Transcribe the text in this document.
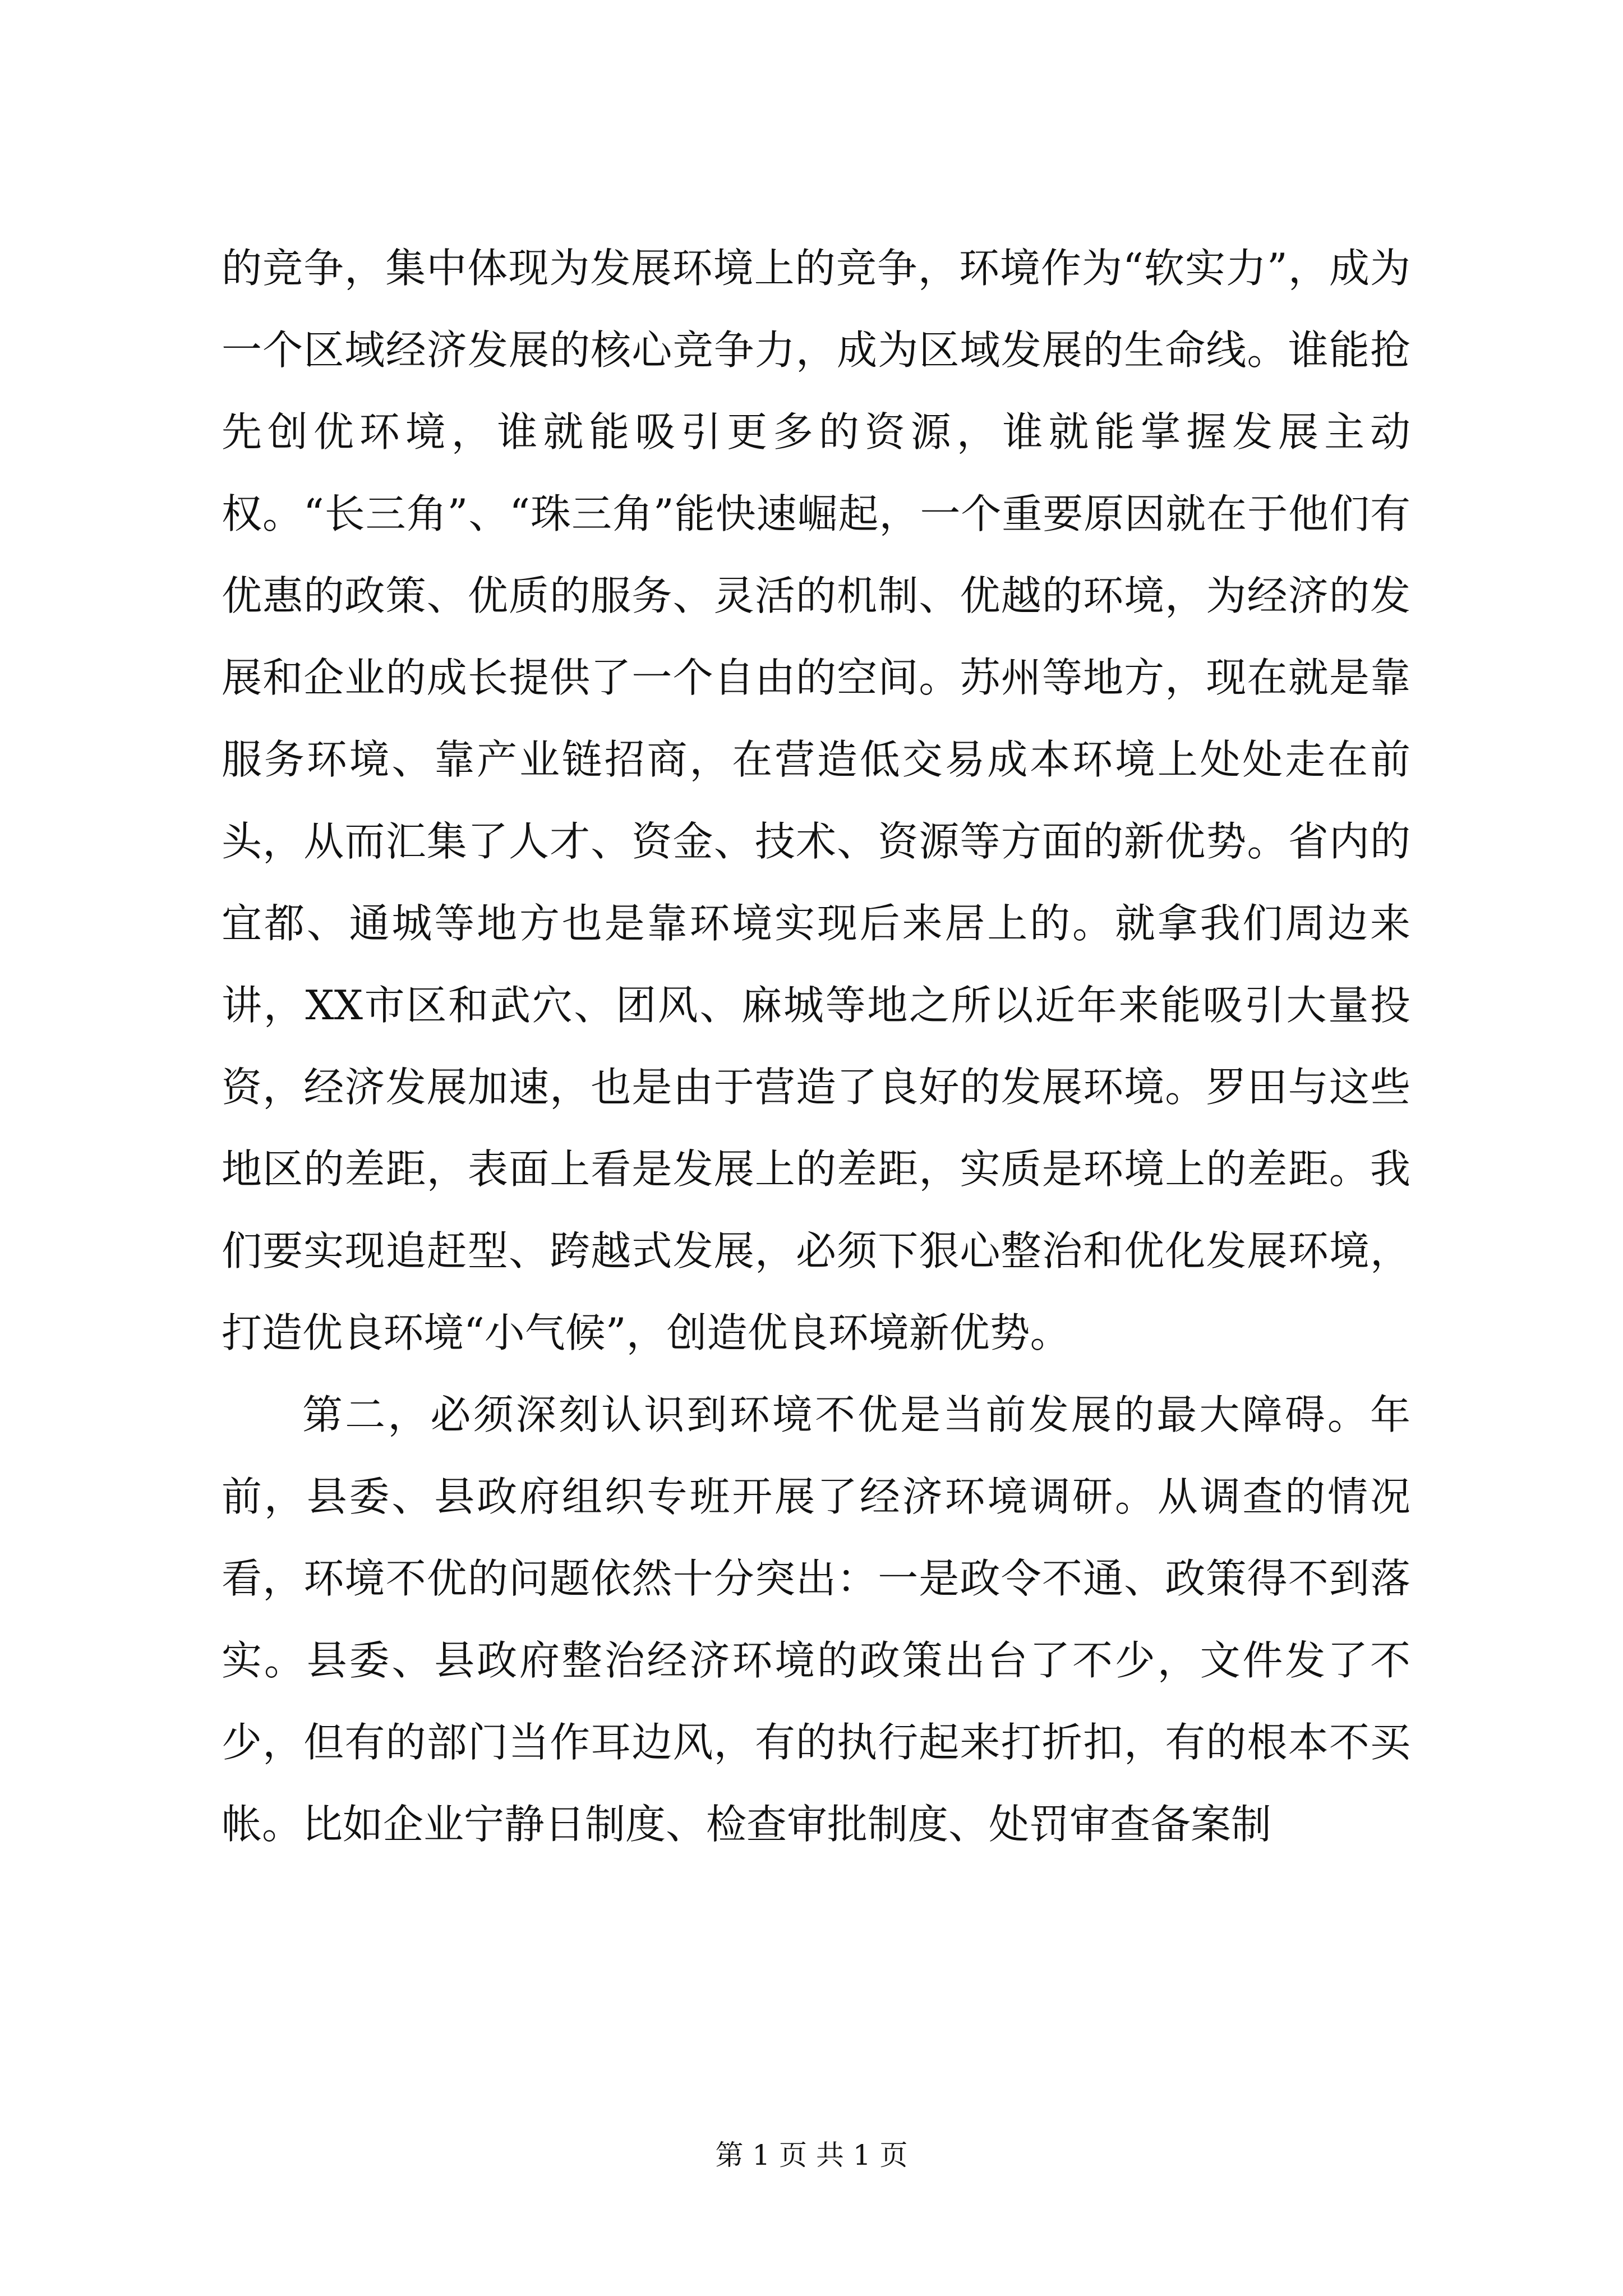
的竞争，集中体现为发展环境上的竞争，环境作为“软实力”，成为一个区域经济发展的核心竞争力，成为区域发展的生命线。谁能抢先创优环境，谁就能吸引更多的资源，谁就能掌握发展主动权。“长三角”、“珠三角”能快速崛起，一个重要原因就在于他们有优惠的政策、优质的服务、灵活的机制、优越的环境，为经济的发展和企业的成长提供了一个自由的空间。苏州等地方，现在就是靠服务环境、靠产业链招商，在营造低交易成本环境上处处走在前头，从而汇集了人才、资金、技术、资源等方面的新优势。省内的宜都、通城等地方也是靠环境实现后来居上的。就拿我们周边来讲，XX市区和武穴、团风、麻城等地之所以近年来能吸引大量投资，经济发展加速，也是由于营造了良好的发展环境。罗田与这些地区的差距，表面上看是发展上的差距，实质是环境上的差距。我们要实现追赶型、跨越式发展，必须下狠心整治和优化发展环境，打造优良环境“小气候”，创造优良环境新优势。

第二，必须深刻认识到环境不优是当前发展的最大障碍。年前，县委、县政府组织专班开展了经济环境调研。从调查的情况看，环境不优的问题依然十分突出：一是政令不通、政策得不到落实。县委、县政府整治经济环境的政策出台了不少，文件发了不少，但有的部门当作耳边风，有的执行起来打折扣，有的根本不买帐。比如企业宁静日制度、检查审批制度、处罚审查备案制

第 1 页 共 1 页
